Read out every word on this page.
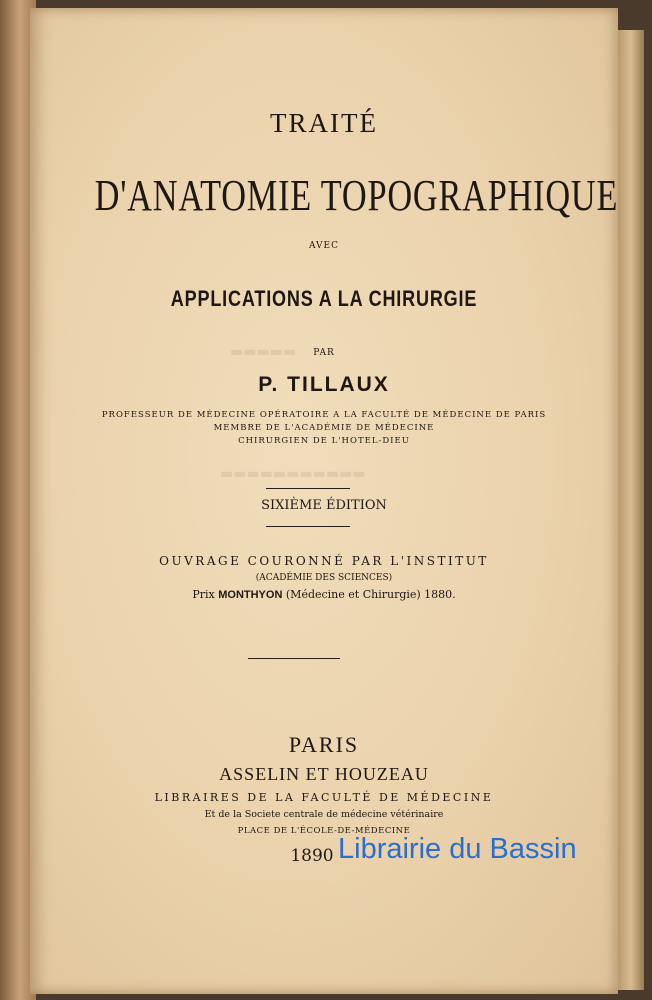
TRAITÉ
D'ANATOMIE TOPOGRAPHIQUE
AVEC
APPLICATIONS A LA CHIRURGIE
PAR
▬▬▬▬▬
P. TILLAUX
PROFESSEUR DE MÉDECINE OPÉRATOIRE A LA FACULTÉ DE MÉDECINE DE PARIS
MEMBRE DE L'ACADÉMIE DE MÉDECINE
CHIRURGIEN DE L'HOTEL-DIEU
▬▬▬▬▬▬▬▬▬▬▬
SIXIÈME ÉDITION
OUVRAGE COURONNÉ PAR L'INSTITUT
(ACADÉMIE DES SCIENCES)
Prix MONTHYON (Médecine et Chirurgie) 1880.
PARIS
ASSELIN ET HOUZEAU
LIBRAIRES DE LA FACULTÉ DE MÉDECINE
Et de la Societe centrale de médecine vétérinaire
PLACE DE L'ÉCOLE-DE-MÉDECINE
1890 Librairie du Bassin
